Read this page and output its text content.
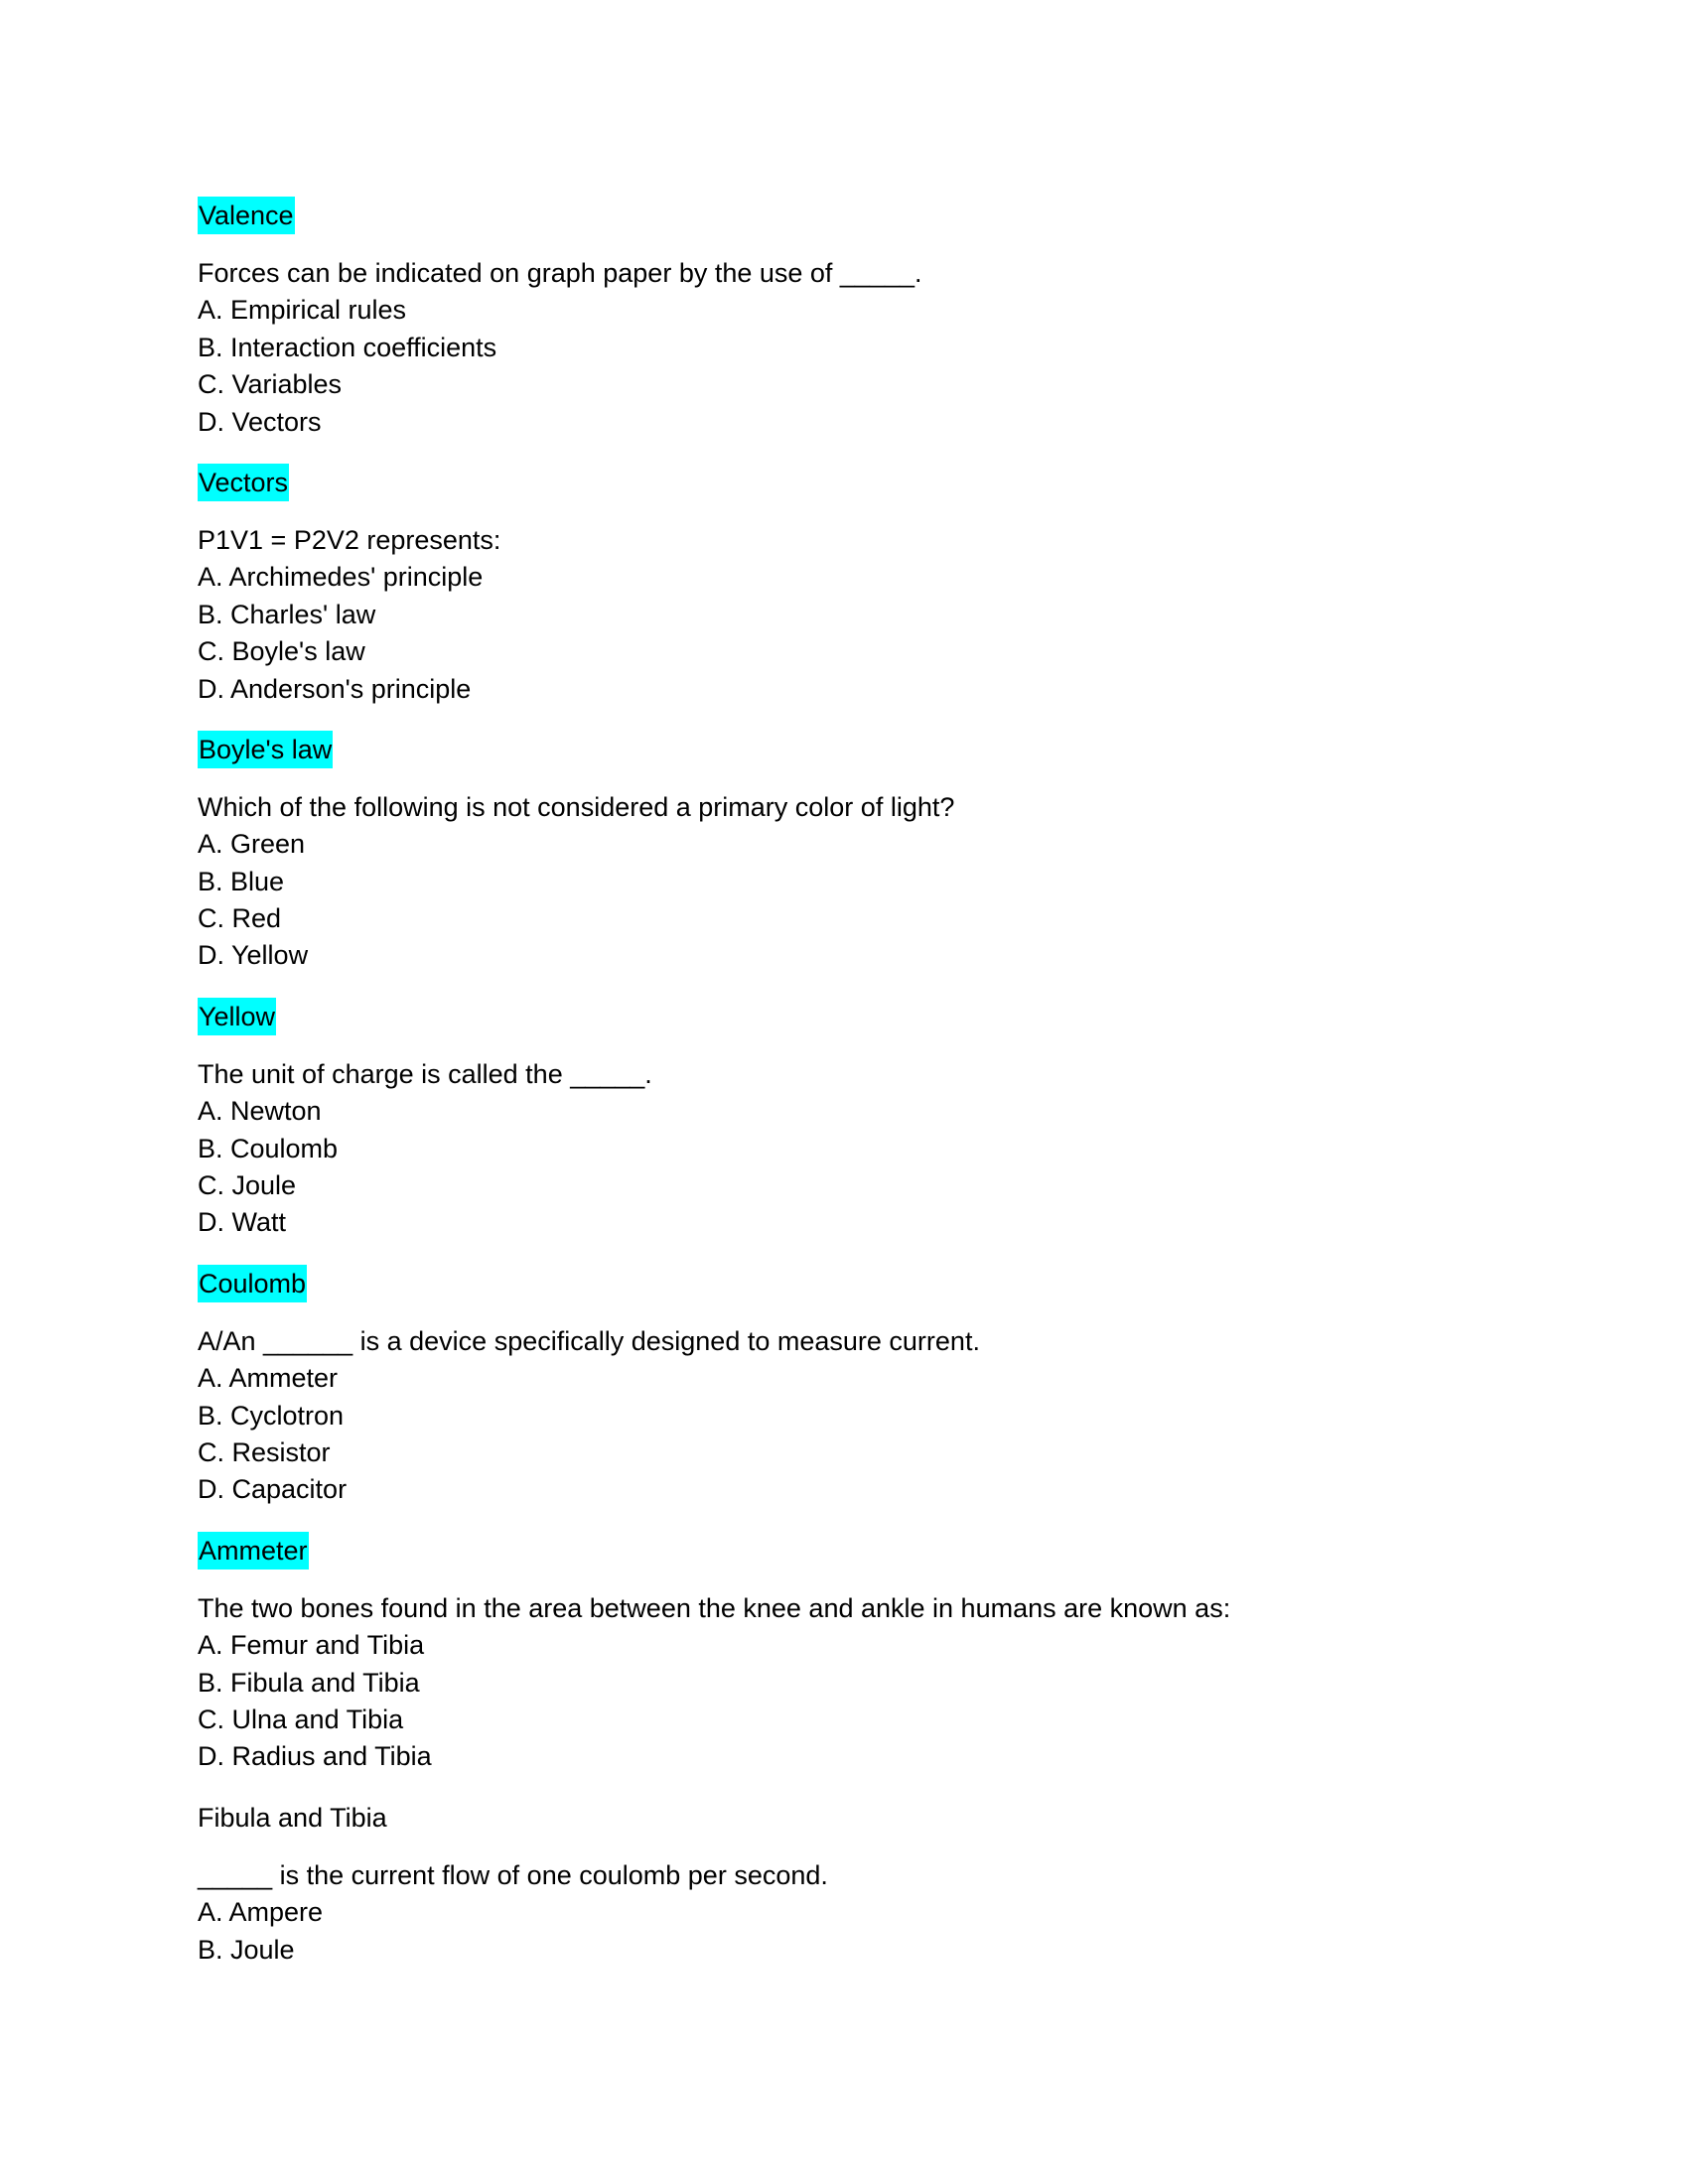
Valence
Forces can be indicated on graph paper by the use of _____.
A. Empirical rules
B. Interaction coefficients
C. Variables
D. Vectors
Vectors
P1V1 = P2V2 represents:
A. Archimedes' principle
B. Charles' law
C. Boyle's law
D. Anderson's principle
Boyle's law
Which of the following is not considered a primary color of light?
A. Green
B. Blue
C. Red
D. Yellow
Yellow
The unit of charge is called the _____.
A. Newton
B. Coulomb
C. Joule
D. Watt
Coulomb
A/An ______ is a device specifically designed to measure current.
A. Ammeter
B. Cyclotron
C. Resistor
D. Capacitor
Ammeter
The two bones found in the area between the knee and ankle in humans are known as:
A. Femur and Tibia
B. Fibula and Tibia
C. Ulna and Tibia
D. Radius and Tibia
Fibula and Tibia
_____ is the current flow of one coulomb per second.
A. Ampere
B. Joule
